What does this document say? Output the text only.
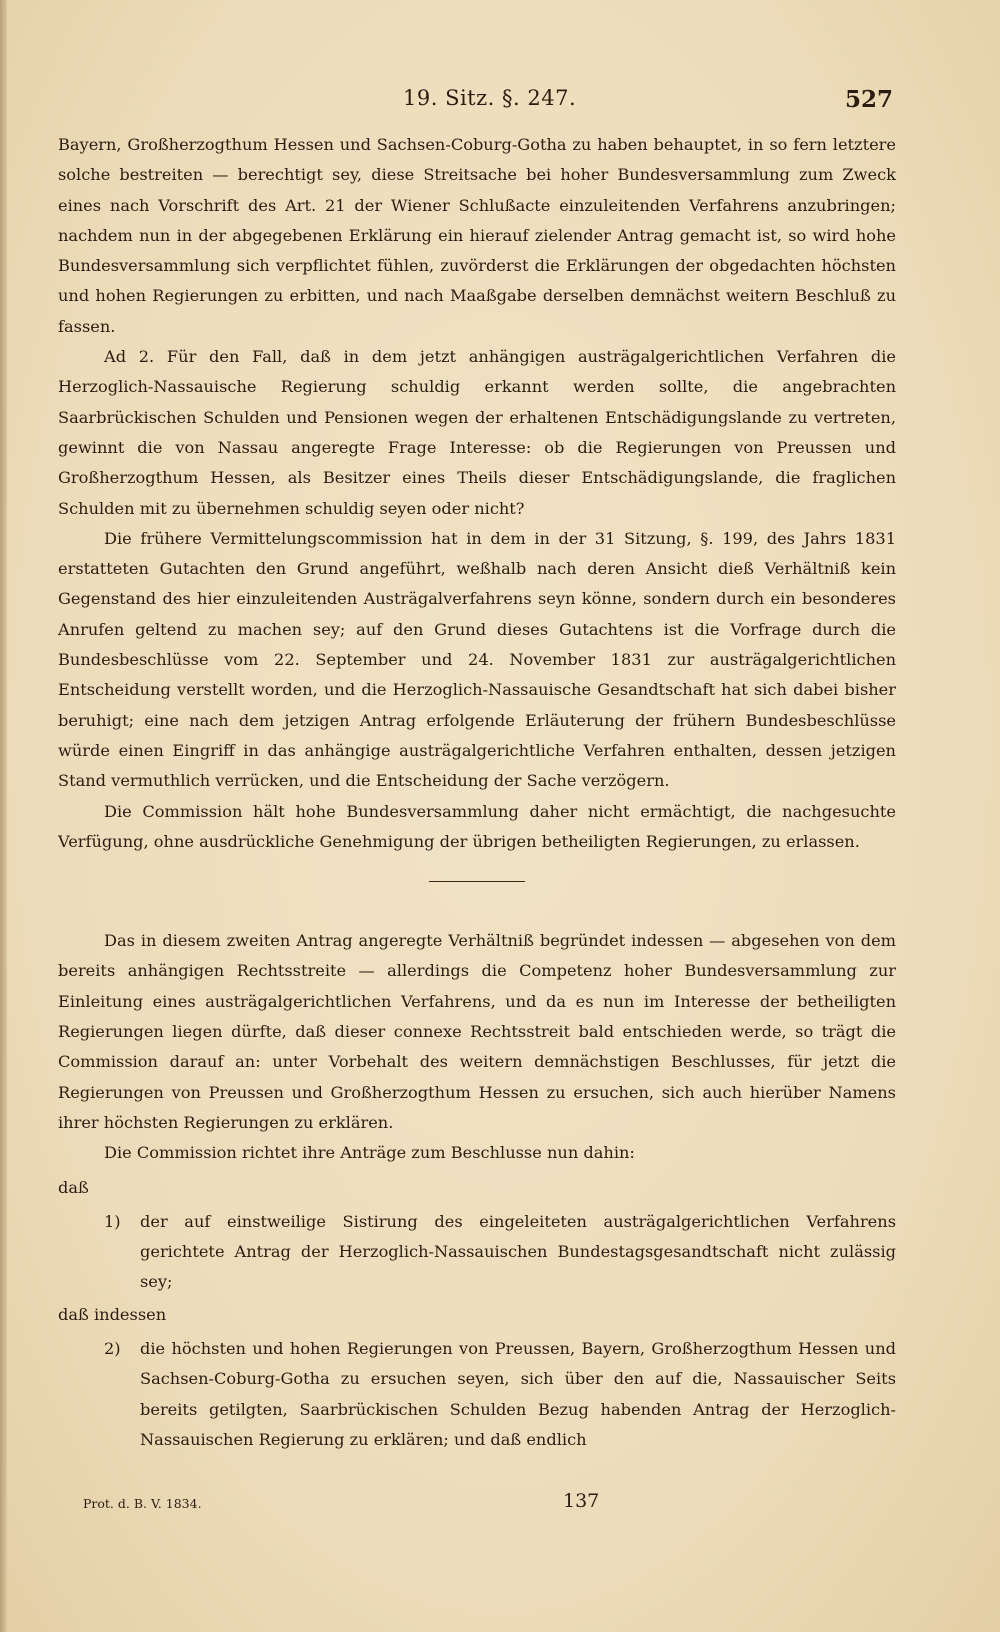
19. Sitz. §. 247.	527

Bayern, Großherzogthum Hessen und Sachsen-Coburg-Gotha zu haben behauptet, in so fern letztere solche bestreiten — berechtigt sey, diese Streitsache bei hoher Bundesversammlung zum Zweck eines nach Vorschrift des Art. 21 der Wiener Schlußacte einzuleitenden Verfahrens anzubringen; nachdem nun in der abgegebenen Erklärung ein hierauf zielender Antrag gemacht ist, so wird hohe Bundesversammlung sich verpflichtet fühlen, zuvörderst die Erklärungen der obgedachten höchsten und hohen Regierungen zu erbitten, und nach Maaßgabe derselben demnächst weitern Beschluß zu fassen.

Ad 2. Für den Fall, daß in dem jetzt anhängigen austrägalgerichtlichen Verfahren die Herzoglich-Nassauische Regierung schuldig erkannt werden sollte, die angebrachten Saarbrückischen Schulden und Pensionen wegen der erhaltenen Entschädigungslande zu vertreten, gewinnt die von Nassau angeregte Frage Interesse: ob die Regierungen von Preussen und Großherzogthum Hessen, als Besitzer eines Theils dieser Entschädigungslande, die fraglichen Schulden mit zu übernehmen schuldig seyen oder nicht?

Die frühere Vermittelungscommission hat in dem in der 31 Sitzung, §. 199, des Jahrs 1831 erstatteten Gutachten den Grund angeführt, weßhalb nach deren Ansicht dieß Verhältniß kein Gegenstand des hier einzuleitenden Austrägalverfahrens seyn könne, sondern durch ein besonderes Anrufen geltend zu machen sey; auf den Grund dieses Gutachtens ist die Vorfrage durch die Bundesbeschlüsse vom 22. September und 24. November 1831 zur austrägalgerichtlichen Entscheidung verstellt worden, und die Herzoglich-Nassauische Gesandtschaft hat sich dabei bisher beruhigt; eine nach dem jetzigen Antrag erfolgende Erläuterung der frühern Bundesbeschlüsse würde einen Eingriff in das anhängige austrägalgerichtliche Verfahren enthalten, dessen jetzigen Stand vermuthlich verrücken, und die Entscheidung der Sache verzögern.

Die Commission hält hohe Bundesversammlung daher nicht ermächtigt, die nachgesuchte Verfügung, ohne ausdrückliche Genehmigung der übrigen betheiligten Regierungen, zu erlassen.

Das in diesem zweiten Antrag angeregte Verhältniß begründet indessen — abgesehen von dem bereits anhängigen Rechtsstreite — allerdings die Competenz hoher Bundesversammlung zur Einleitung eines austrägalgerichtlichen Verfahrens, und da es nun im Interesse der betheiligten Regierungen liegen dürfte, daß dieser connexe Rechtsstreit bald entschieden werde, so trägt die Commission darauf an: unter Vorbehalt des weitern demnächstigen Beschlusses, für jetzt die Regierungen von Preussen und Großherzogthum Hessen zu ersuchen, sich auch hierüber Namens ihrer höchsten Regierungen zu erklären.

Die Commission richtet ihre Anträge zum Beschlusse nun dahin:

daß

1)	der auf einstweilige Sistirung des eingeleiteten austrägalgerichtlichen Verfahrens gerichtete Antrag der Herzoglich-Nassauischen Bundestagsgesandtschaft nicht zulässig sey;

daß indessen

2)	die höchsten und hohen Regierungen von Preussen, Bayern, Großherzogthum Hessen und Sachsen-Coburg-Gotha zu ersuchen seyen, sich über den auf die, Nassauischer Seits bereits getilgten, Saarbrückischen Schulden Bezug habenden Antrag der Herzoglich-Nassauischen Regierung zu erklären; und daß endlich
Prot. d. B. V. 1834.	137
